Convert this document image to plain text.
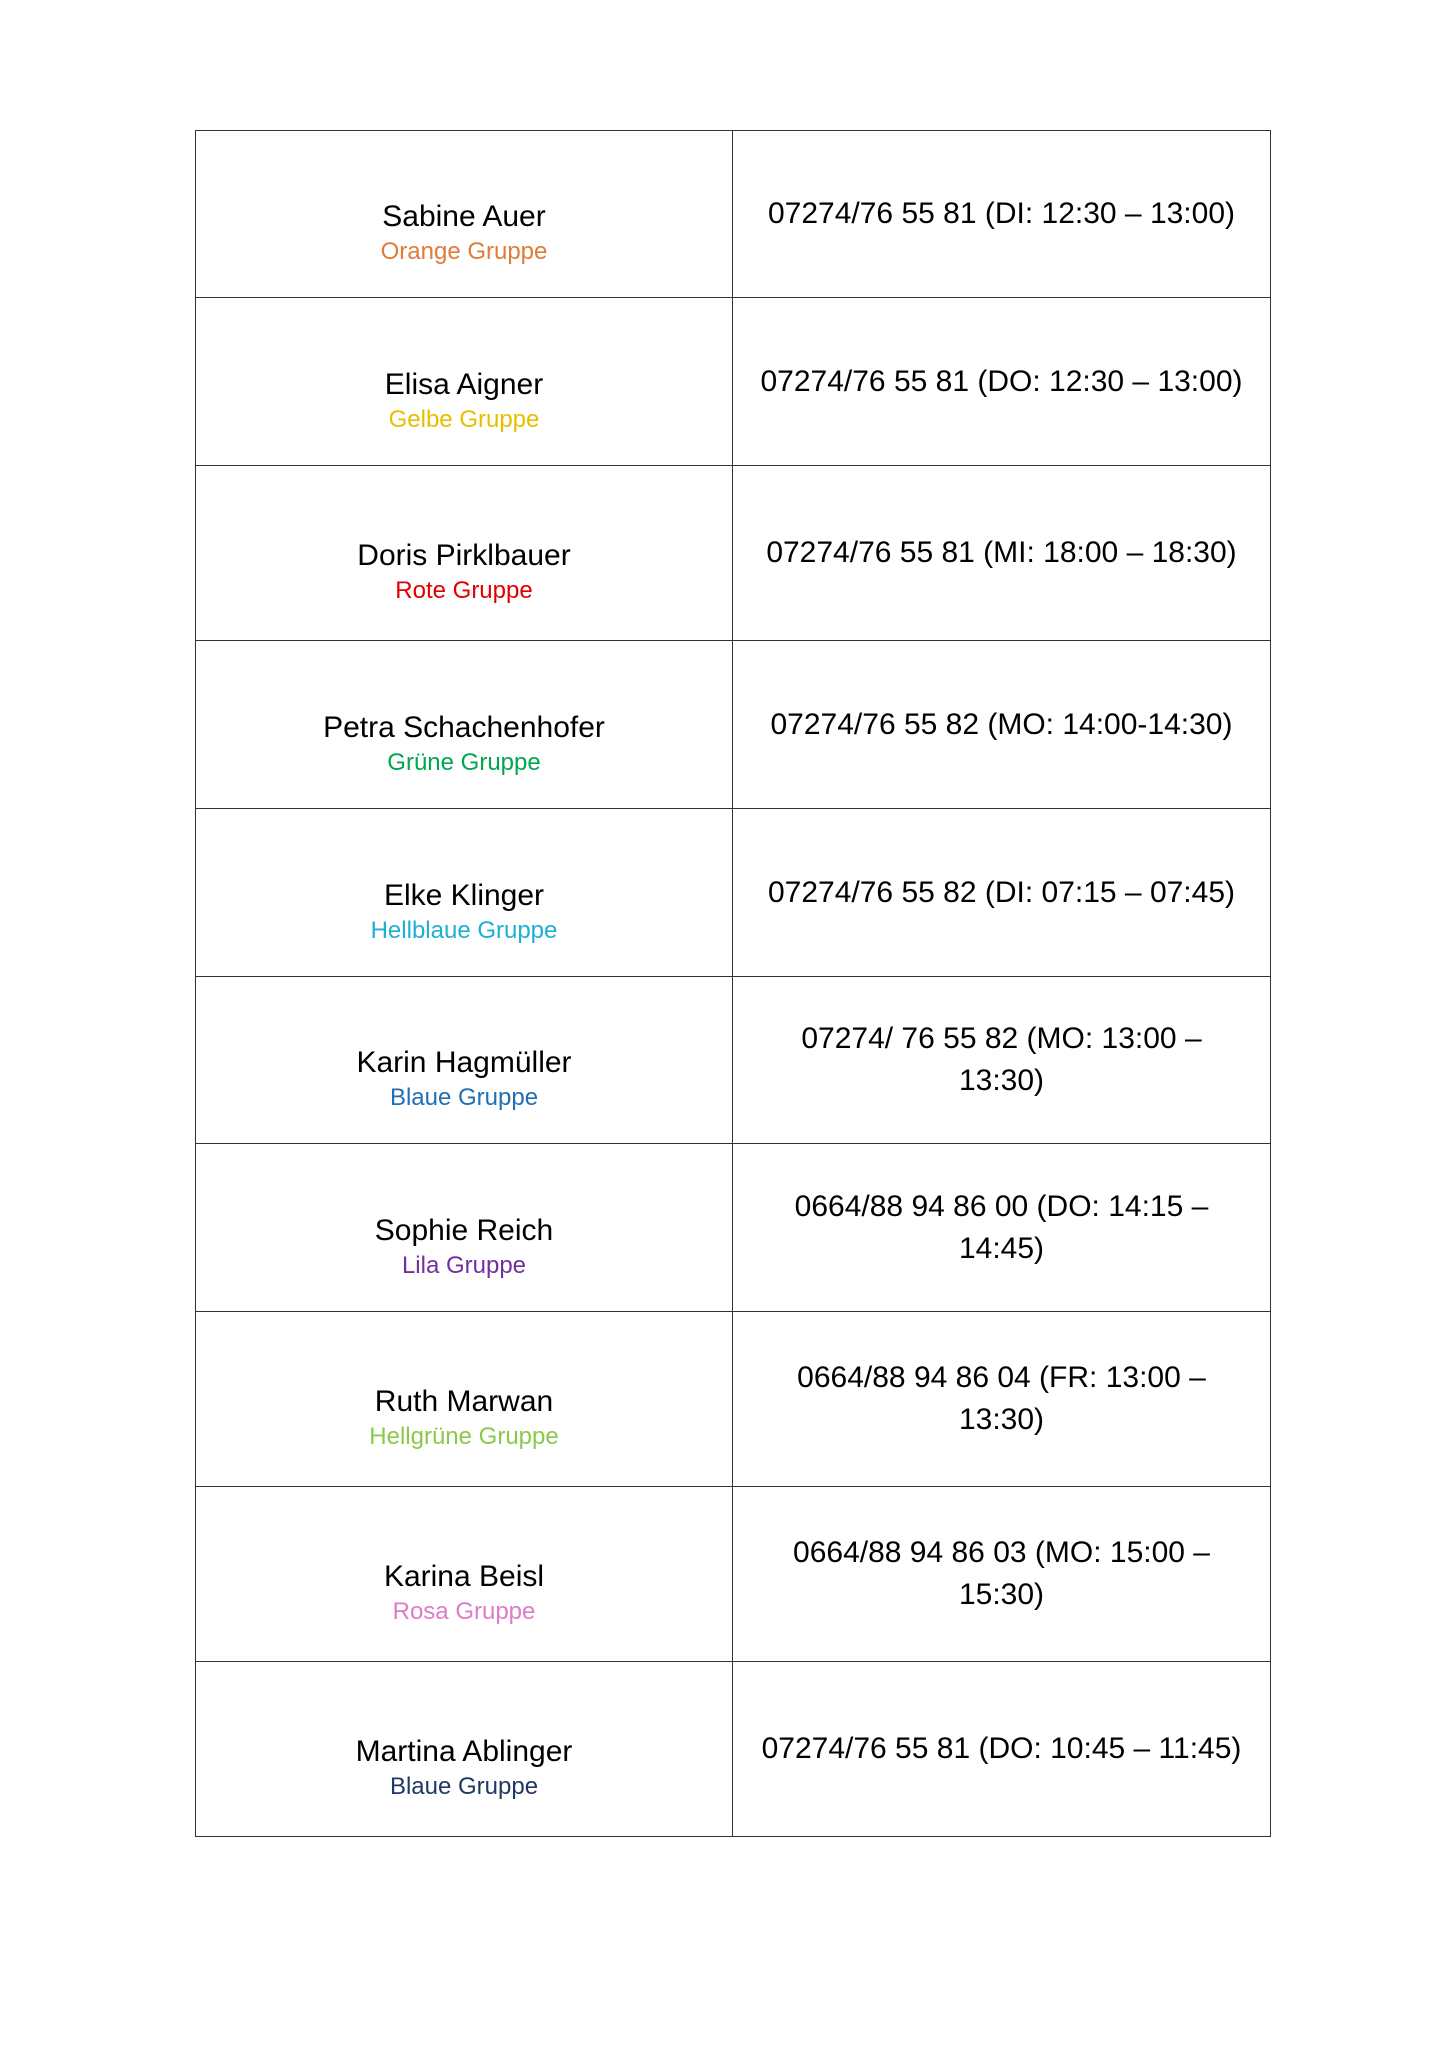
Sabine Auer
Orange Gruppe	07274/76 55 81 (DI: 12:30 – 13:00)

Elisa Aigner
Gelbe Gruppe	07274/76 55 81 (DO: 12:30 – 13:00)

Doris Pirklbauer
Rote Gruppe	07274/76 55 81 (MI: 18:00 – 18:30)

Petra Schachenhofer
Grüne Gruppe	07274/76 55 82 (MO: 14:00-14:30)

Elke Klinger
Hellblaue Gruppe	07274/76 55 82 (DI: 07:15 – 07:45)

Karin Hagmüller
Blaue Gruppe	07274/ 76 55 82 (MO: 13:00 – 13:30)

Sophie Reich
Lila Gruppe	0664/88 94 86 00 (DO: 14:15 – 14:45)

Ruth Marwan
Hellgrüne Gruppe	0664/88 94 86 04 (FR: 13:00 – 13:30)

Karina Beisl
Rosa Gruppe	0664/88 94 86 03 (MO: 15:00 – 15:30)

Martina Ablinger
Blaue Gruppe	07274/76 55 81 (DO: 10:45 – 11:45)
